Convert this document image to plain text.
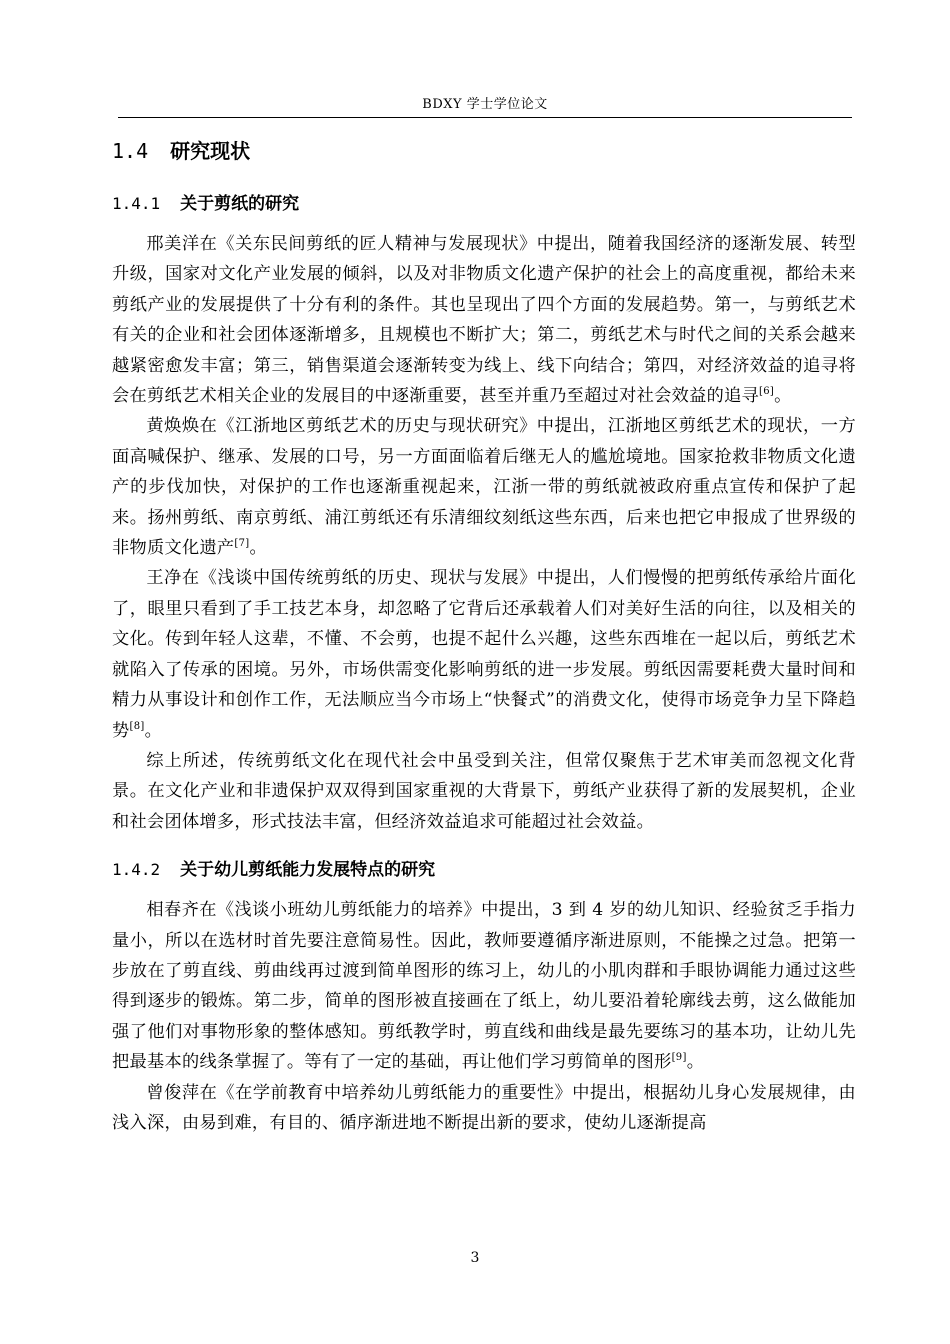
BDXY 学士学位论文
1.4 研究现状
1.4.1 关于剪纸的研究

邢美洋在《关东民间剪纸的匠人精神与发展现状》中提出，随着我国经济的逐渐发展、转型升级，国家对文化产业发展的倾斜，以及对非物质文化遗产保护的社会上的高度重视，都给未来剪纸产业的发展提供了十分有利的条件。其也呈现出了四个方面的发展趋势。第一，与剪纸艺术有关的企业和社会团体逐渐增多，且规模也不断扩大；第二，剪纸艺术与时代之间的关系会越来越紧密愈发丰富；第三，销售渠道会逐渐转变为线上、线下向结合；第四，对经济效益的追寻将会在剪纸艺术相关企业的发展目的中逐渐重要，甚至并重乃至超过对社会效益的追寻[6]。

黄焕焕在《江浙地区剪纸艺术的历史与现状研究》中提出，江浙地区剪纸艺术的现状，一方面高喊保护、继承、发展的口号，另一方面面临着后继无人的尴尬境地。国家抢救非物质文化遗产的步伐加快，对保护的工作也逐渐重视起来，江浙一带的剪纸就被政府重点宣传和保护了起来。扬州剪纸、南京剪纸、浦江剪纸还有乐清细纹刻纸这些东西，后来也把它申报成了世界级的非物质文化遗产[7]。

王净在《浅谈中国传统剪纸的历史、现状与发展》中提出，人们慢慢的把剪纸传承给片面化了，眼里只看到了手工技艺本身，却忽略了它背后还承载着人们对美好生活的向往，以及相关的文化。传到年轻人这辈，不懂、不会剪，也提不起什么兴趣，这些东西堆在一起以后，剪纸艺术就陷入了传承的困境。另外，市场供需变化影响剪纸的进一步发展。剪纸因需要耗费大量时间和精力从事设计和创作工作，无法顺应当今市场上“快餐式”的消费文化，使得市场竞争力呈下降趋势[8]。

综上所述，传统剪纸文化在现代社会中虽受到关注，但常仅聚焦于艺术审美而忽视文化背景。在文化产业和非遗保护双双得到国家重视的大背景下，剪纸产业获得了新的发展契机，企业和社会团体增多，形式技法丰富，但经济效益追求可能超过社会效益。

1.4.2 关于幼儿剪纸能力发展特点的研究

相春齐在《浅谈小班幼儿剪纸能力的培养》中提出，3 到 4 岁的幼儿知识、经验贫乏手指力量小，所以在选材时首先要注意简易性。因此，教师要遵循序渐进原则，不能操之过急。把第一步放在了剪直线、剪曲线再过渡到简单图形的练习上，幼儿的小肌肉群和手眼协调能力通过这些得到逐步的锻炼。第二步，简单的图形被直接画在了纸上，幼儿要沿着轮廓线去剪，这么做能加强了他们对事物形象的整体感知。剪纸教学时，剪直线和曲线是最先要练习的基本功，让幼儿先把最基本的线条掌握了。等有了一定的基础，再让他们学习剪简单的图形[9]。

曾俊萍在《在学前教育中培养幼儿剪纸能力的重要性》中提出，根据幼儿身心发展规律，由浅入深，由易到难，有目的、循序渐进地不断提出新的要求，使幼儿逐渐提高

3
